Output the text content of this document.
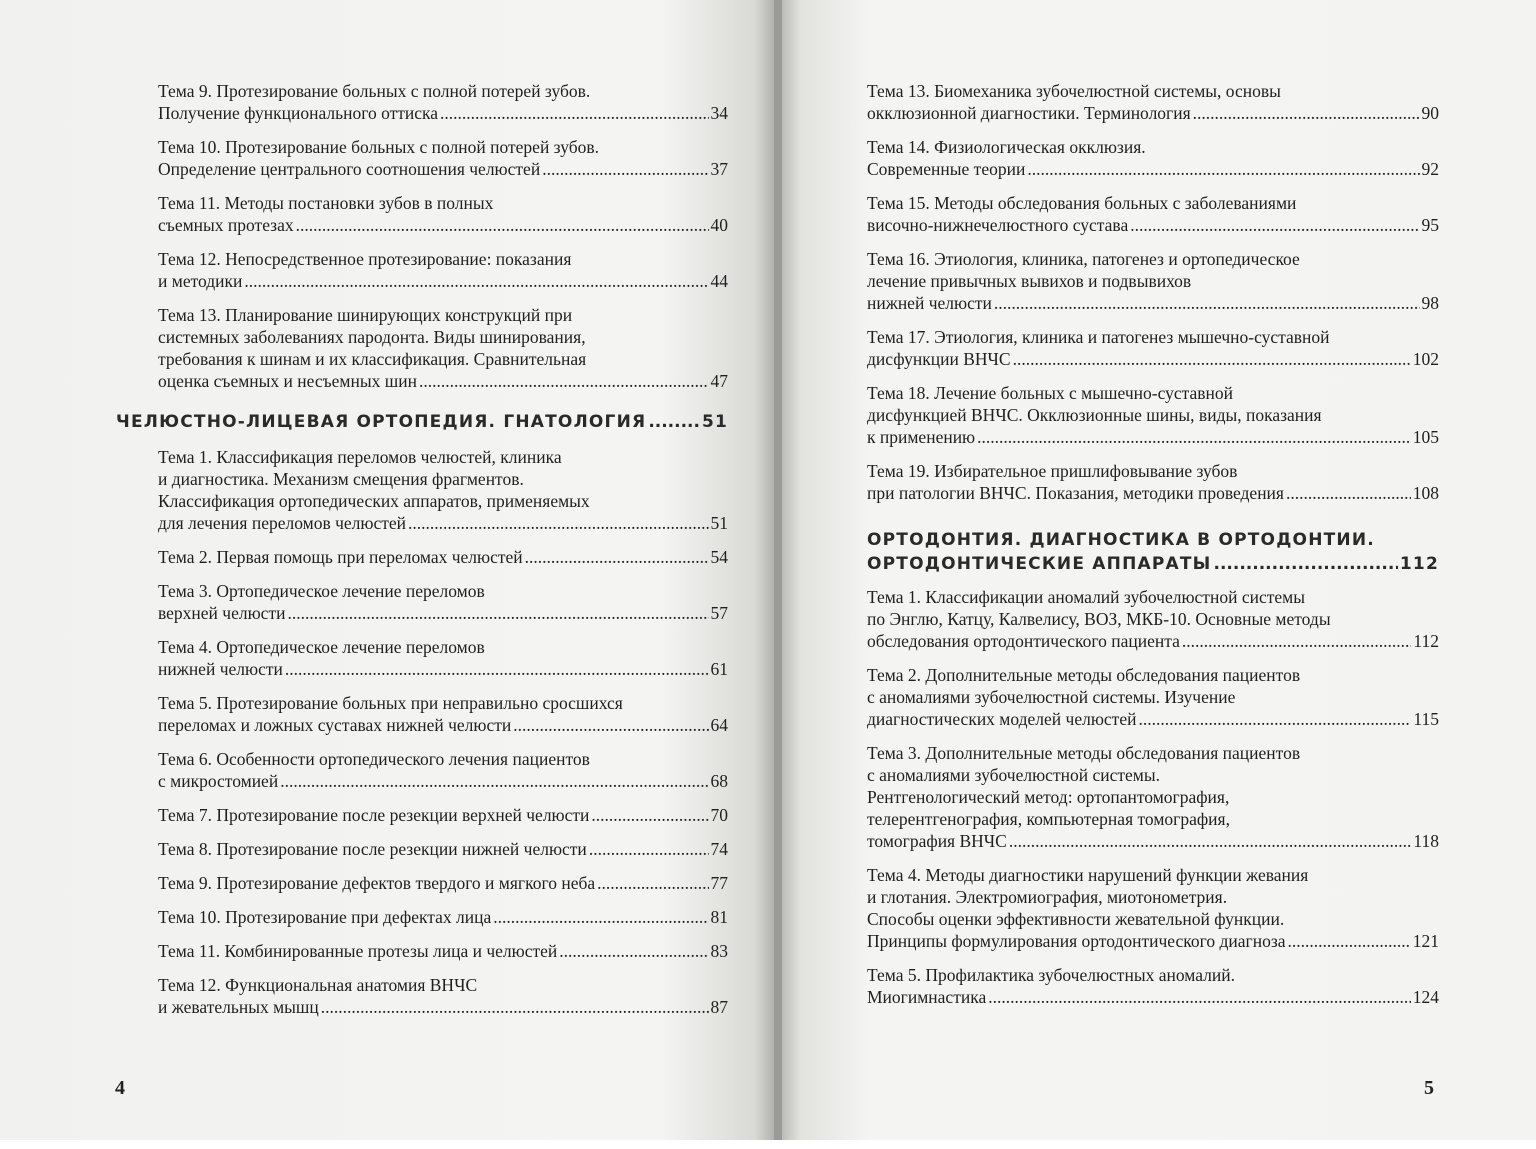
Тема 9. Протезирование больных с полной потерей зубов.
Получение функционального оттиска .....	34
Тема 10. Протезирование больных с полной потерей зубов.
Определение центрального соотношения челюстей .....	37
Тема 11. Методы постановки зубов в полных
съемных протезах .....	40
Тема 12. Непосредственное протезирование: показания
и методики .....	44
Тема 13. Планирование шинирующих конструкций при
системных заболеваниях пародонта. Виды шинирования,
требования к шинам и их классификация. Сравнительная
оценка съемных и несъемных шин .....	47
ЧЕЛЮСТНО-ЛИЦЕВАЯ ОРТОПЕДИЯ. ГНАТОЛОГИЯ .....	51
Тема 1. Классификация переломов челюстей, клиника
и диагностика. Механизм смещения фрагментов.
Классификация ортопедических аппаратов, применяемых
для лечения переломов челюстей .....	51
Тема 2. Первая помощь при переломах челюстей .....	54
Тема 3. Ортопедическое лечение переломов
верхней челюсти .....	57
Тема 4. Ортопедическое лечение переломов
нижней челюсти .....	61
Тема 5. Протезирование больных при неправильно сросшихся
переломах и ложных суставах нижней челюсти .....	64
Тема 6. Особенности ортопедического лечения пациентов
с микростомией .....	68
Тема 7. Протезирование после резекции верхней челюсти .....	70
Тема 8. Протезирование после резекции нижней челюсти .....	74
Тема 9. Протезирование дефектов твердого и мягкого неба .....	77
Тема 10. Протезирование при дефектах лица .....	81
Тема 11. Комбинированные протезы лица и челюстей .....	83
Тема 12. Функциональная анатомия ВНЧС
и жевательных мышц .....	87
Тема 13. Биомеханика зубочелюстной системы, основы
окклюзионной диагностики. Терминология .....	90
Тема 14. Физиологическая окклюзия.
Современные теории .....	92
Тема 15. Методы обследования больных с заболеваниями
височно-нижнечелюстного сустава .....	95
Тема 16. Этиология, клиника, патогенез и ортопедическое
лечение привычных вывихов и подвывихов
нижней челюсти .....	98
Тема 17. Этиология, клиника и патогенез мышечно-суставной
дисфункции ВНЧС .....	102
Тема 18. Лечение больных с мышечно-суставной
дисфункцией ВНЧС. Окклюзионные шины, виды, показания
к применению .....	105
Тема 19. Избирательное пришлифовывание зубов
при патологии ВНЧС. Показания, методики проведения .....	108
ОРТОДОНТИЯ. ДИАГНОСТИКА В ОРТОДОНТИИ.
ОРТОДОНТИЧЕСКИЕ АППАРАТЫ .....	112
Тема 1. Классификации аномалий зубочелюстной системы
по Энглю, Катцу, Калвелису, ВОЗ, МКБ-10. Основные методы
обследования ортодонтического пациента .....	112
Тема 2. Дополнительные методы обследования пациентов
с аномалиями зубочелюстной системы. Изучение
диагностических моделей челюстей .....	115
Тема 3. Дополнительные методы обследования пациентов
с аномалиями зубочелюстной системы.
Рентгенологический метод: ортопантомография,
телерентгенография, компьютерная томография,
томография ВНЧС .....	118
Тема 4. Методы диагностики нарушений функции жевания
и глотания. Электромиография, миотонометрия.
Способы оценки эффективности жевательной функции.
Принципы формулирования ортодонтического диагноза .....	121
Тема 5. Профилактика зубочелюстных аномалий.
Миогимнастика .....	124
4	5
